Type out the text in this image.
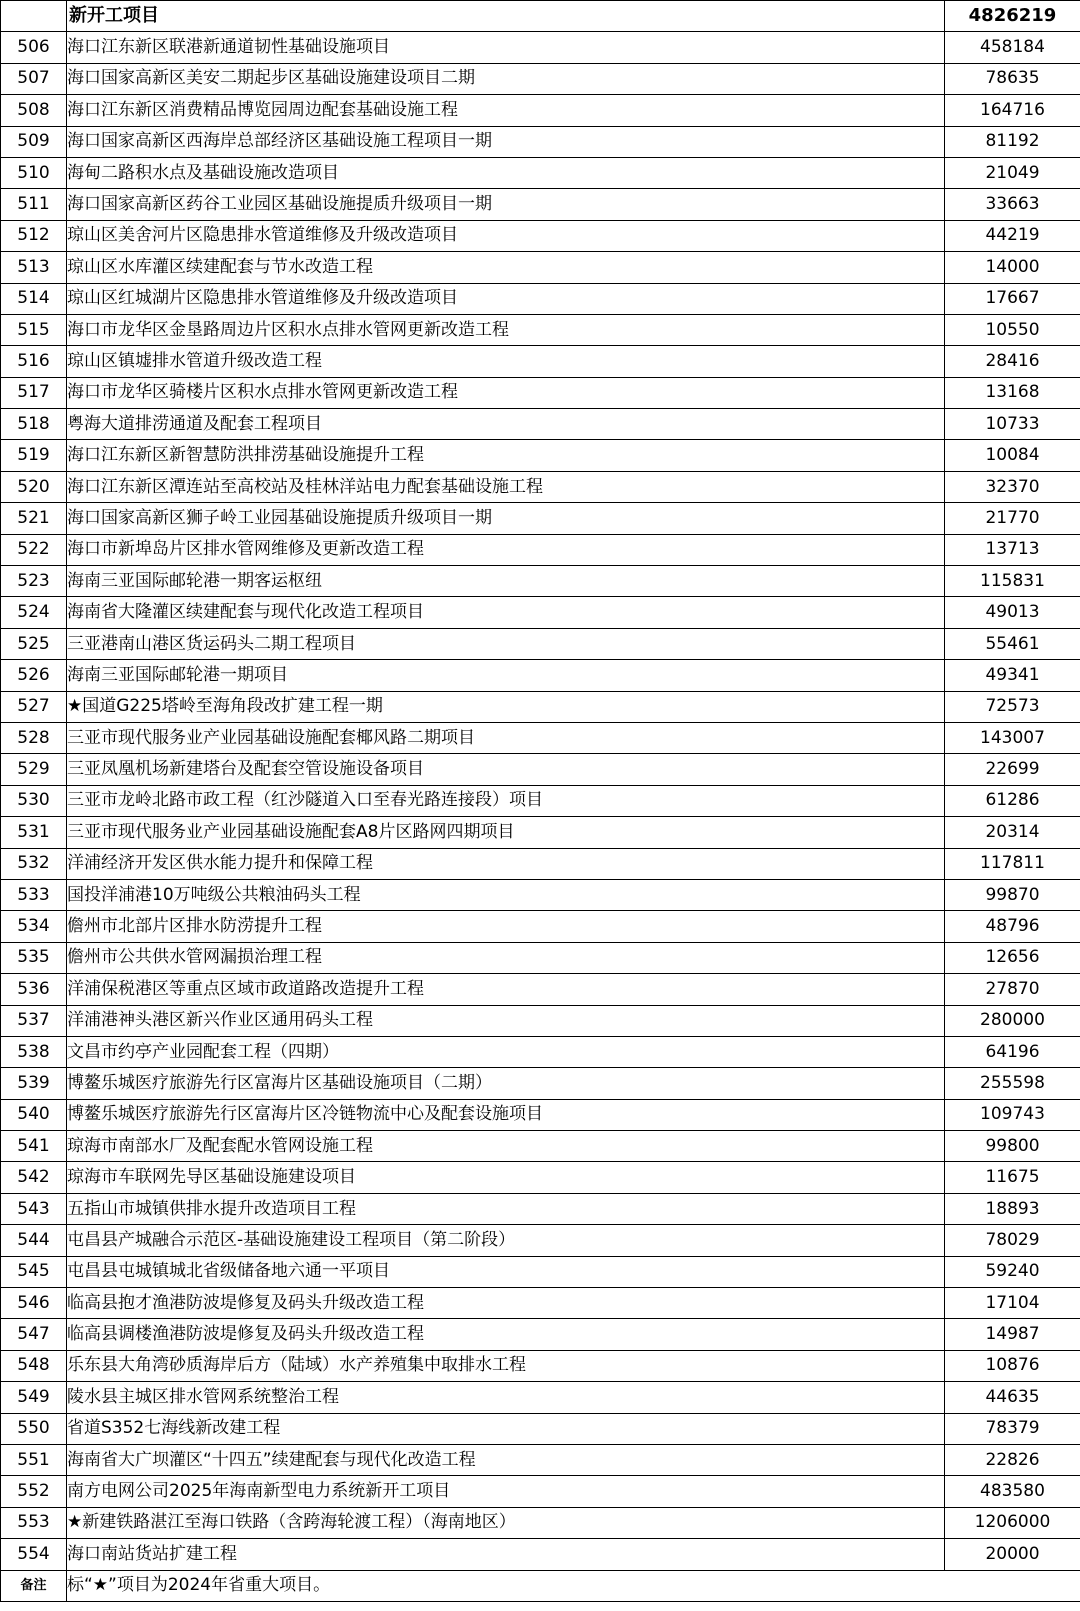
	新开工项目	4826219
506	海口江东新区联港新通道韧性基础设施项目	458184
507	海口国家高新区美安二期起步区基础设施建设项目二期	78635
508	海口江东新区消费精品博览园周边配套基础设施工程	164716
509	海口国家高新区西海岸总部经济区基础设施工程项目一期	81192
510	海甸二路积水点及基础设施改造项目	21049
511	海口国家高新区药谷工业园区基础设施提质升级项目一期	33663
512	琼山区美舍河片区隐患排水管道维修及升级改造项目	44219
513	琼山区水库灌区续建配套与节水改造工程	14000
514	琼山区红城湖片区隐患排水管道维修及升级改造项目	17667
515	海口市龙华区金垦路周边片区积水点排水管网更新改造工程	10550
516	琼山区镇墟排水管道升级改造工程	28416
517	海口市龙华区骑楼片区积水点排水管网更新改造工程	13168
518	粤海大道排涝通道及配套工程项目	10733
519	海口江东新区新智慧防洪排涝基础设施提升工程	10084
520	海口江东新区潭连站至高校站及桂林洋站电力配套基础设施工程	32370
521	海口国家高新区狮子岭工业园基础设施提质升级项目一期	21770
522	海口市新埠岛片区排水管网维修及更新改造工程	13713
523	海南三亚国际邮轮港一期客运枢纽	115831
524	海南省大隆灌区续建配套与现代化改造工程项目	49013
525	三亚港南山港区货运码头二期工程项目	55461
526	海南三亚国际邮轮港一期项目	49341
527	★国道G225塔岭至海角段改扩建工程一期	72573
528	三亚市现代服务业产业园基础设施配套椰风路二期项目	143007
529	三亚凤凰机场新建塔台及配套空管设施设备项目	22699
530	三亚市龙岭北路市政工程（红沙隧道入口至春光路连接段）项目	61286
531	三亚市现代服务业产业园基础设施配套A8片区路网四期项目	20314
532	洋浦经济开发区供水能力提升和保障工程	117811
533	国投洋浦港10万吨级公共粮油码头工程	99870
534	儋州市北部片区排水防涝提升工程	48796
535	儋州市公共供水管网漏损治理工程	12656
536	洋浦保税港区等重点区域市政道路改造提升工程	27870
537	洋浦港神头港区新兴作业区通用码头工程	280000
538	文昌市约亭产业园配套工程（四期）	64196
539	博鳌乐城医疗旅游先行区富海片区基础设施项目（二期）	255598
540	博鳌乐城医疗旅游先行区富海片区冷链物流中心及配套设施项目	109743
541	琼海市南部水厂及配套配水管网设施工程	99800
542	琼海市车联网先导区基础设施建设项目	11675
543	五指山市城镇供排水提升改造项目工程	18893
544	屯昌县产城融合示范区-基础设施建设工程项目（第二阶段）	78029
545	屯昌县屯城镇城北省级储备地六通一平项目	59240
546	临高县抱才渔港防波堤修复及码头升级改造工程	17104
547	临高县调楼渔港防波堤修复及码头升级改造工程	14987
548	乐东县大角湾砂质海岸后方（陆域）水产养殖集中取排水工程	10876
549	陵水县主城区排水管网系统整治工程	44635
550	省道S352七海线新改建工程	78379
551	海南省大广坝灌区“十四五”续建配套与现代化改造工程	22826
552	南方电网公司2025年海南新型电力系统新开工项目	483580
553	★新建铁路湛江至海口铁路（含跨海轮渡工程）（海南地区）	1206000
554	海口南站货站扩建工程	20000
备注	标“★”项目为2024年省重大项目。	
